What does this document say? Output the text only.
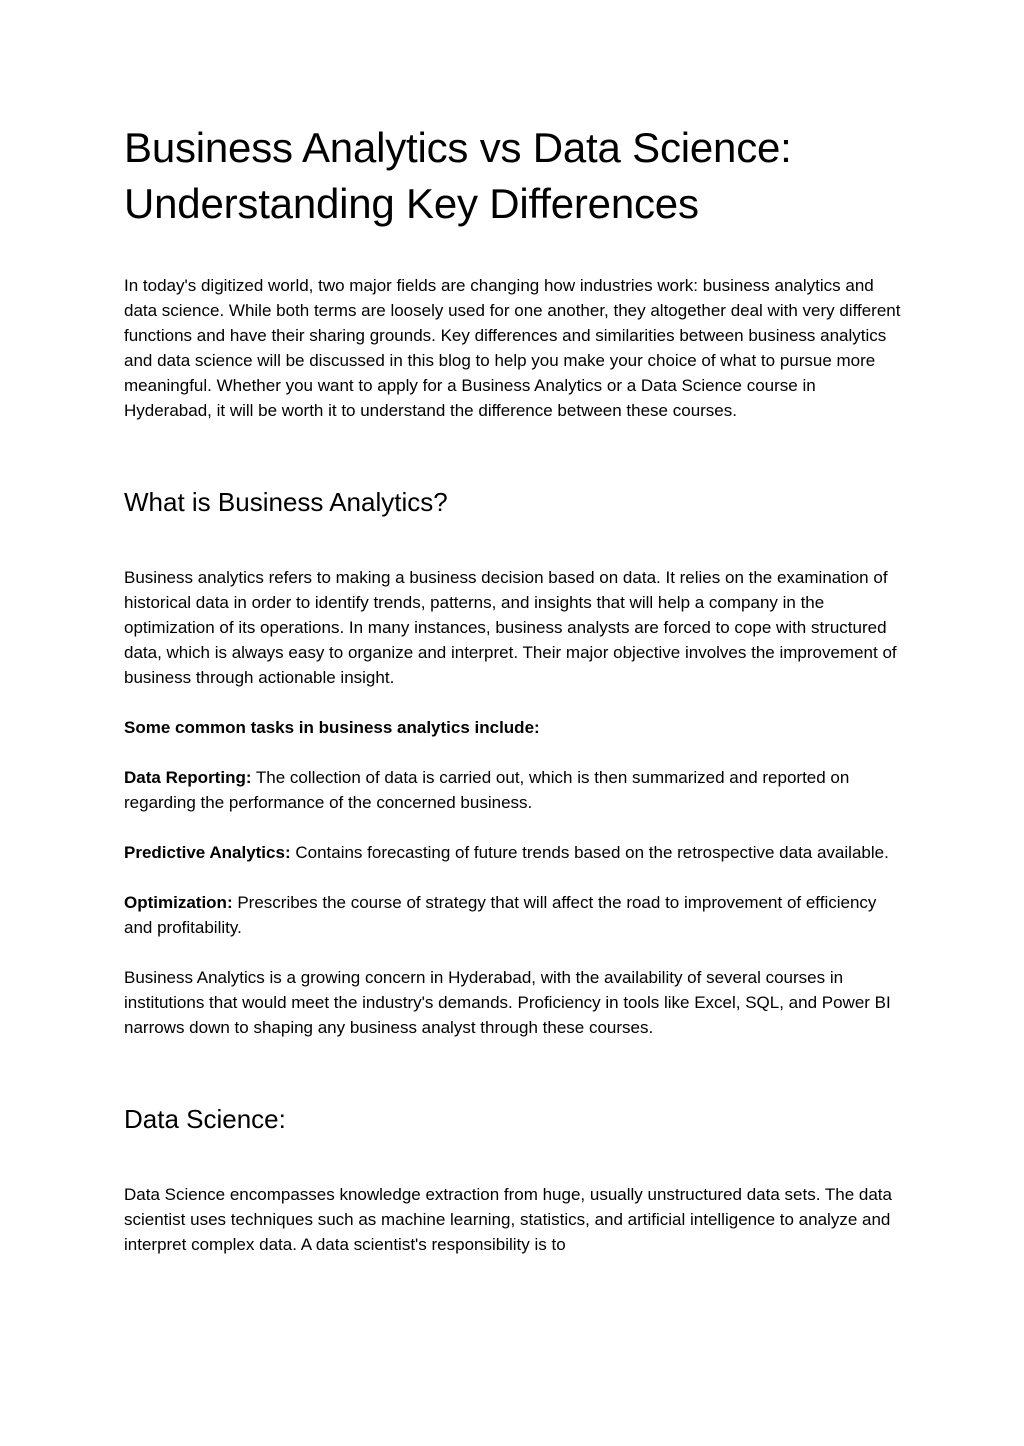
Business Analytics vs Data Science:
Understanding Key Differences

In today's digitized world, two major fields are changing how industries work: business analytics and data science. While both terms are loosely used for one another, they altogether deal with very different functions and have their sharing grounds. Key differences and similarities between business analytics and data science will be discussed in this blog to help you make your choice of what to pursue more meaningful. Whether you want to apply for a Business Analytics or a Data Science course in Hyderabad, it will be worth it to understand the difference between these courses.

What is Business Analytics?

Business analytics refers to making a business decision based on data. It relies on the examination of historical data in order to identify trends, patterns, and insights that will help a company in the optimization of its operations. In many instances, business analysts are forced to cope with structured data, which is always easy to organize and interpret. Their major objective involves the improvement of business through actionable insight.

Some common tasks in business analytics include:

Data Reporting: The collection of data is carried out, which is then summarized and reported on regarding the performance of the concerned business.

Predictive Analytics: Contains forecasting of future trends based on the retrospective data available.

Optimization: Prescribes the course of strategy that will affect the road to improvement of efficiency and profitability.

Business Analytics is a growing concern in Hyderabad, with the availability of several courses in institutions that would meet the industry's demands. Proficiency in tools like Excel, SQL, and Power BI narrows down to shaping any business analyst through these courses.

Data Science:

Data Science encompasses knowledge extraction from huge, usually unstructured data sets. The data scientist uses techniques such as machine learning, statistics, and artificial intelligence to analyze and interpret complex data. A data scientist's responsibility is to
